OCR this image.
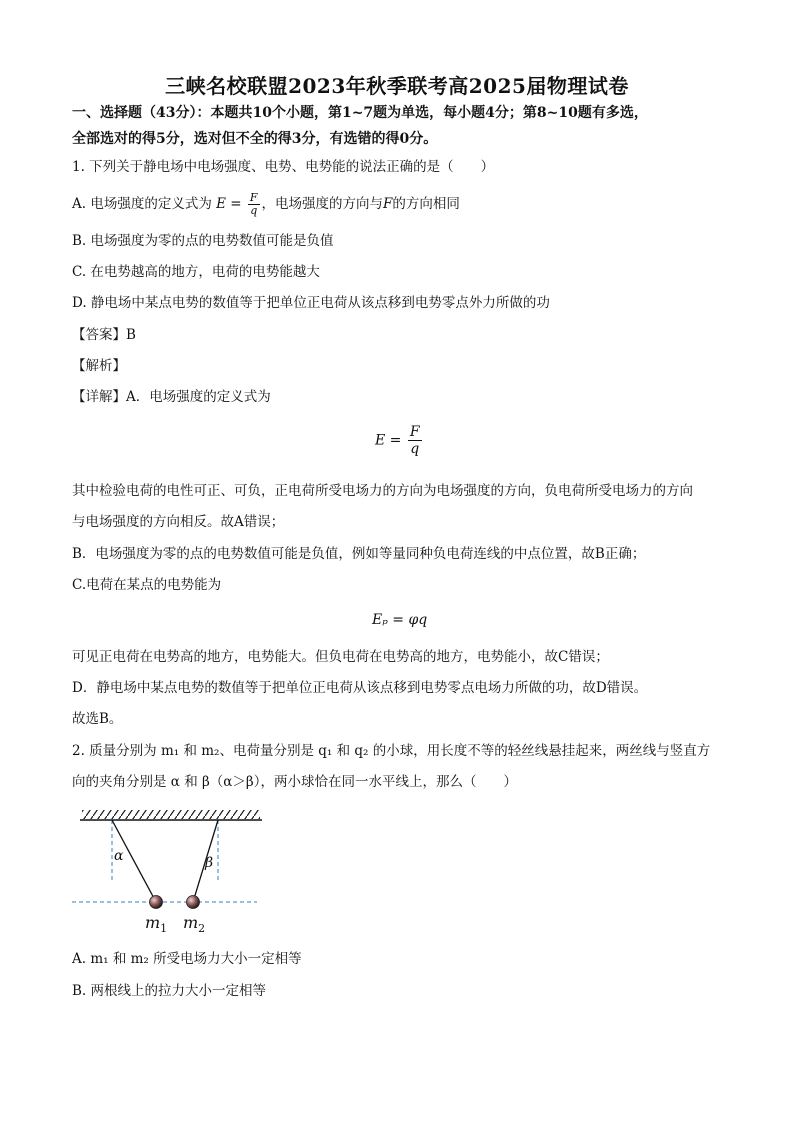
三峡名校联盟2023年秋季联考高2025届物理试卷
一、选择题（43分）：本题共10个小题，第1~7题为单选，每小题4分；第8~10题有多选，
全部选对的得5分，选对但不全的得3分，有选错的得0分。
1. 下列关于静电场中电场强度、电势、电势能的说法正确的是（　　）
A. 电场强度的定义式为 $E = \frac{F}{q}$ ，电场强度的方向与F的方向相同
B. 电场强度为零的点的电势数值可能是负值
C. 在电势越高的地方，电荷的电势能越大
D. 静电场中某点电势的数值等于把单位正电荷从该点移到电势零点外力所做的功
【答案】B
【解析】
【详解】A．电场强度的定义式为
$E = \frac{F}{q}$
其中检验电荷的电性可正、可负，正电荷所受电场力的方向为电场强度的方向，负电荷所受电场力的方向
与电场强度的方向相反。故A错误；
B．电场强度为零的点的电势数值可能是负值，例如等量同种负电荷连线的中点位置，故B正确；
C.电荷在某点的电势能为
Eₚ = φq
可见正电荷在电势高的地方，电势能大。但负电荷在电势高的地方，电势能小，故C错误；
D．静电场中某点电势的数值等于把单位正电荷从该点移到电势零点电场力所做的功，故D错误。
故选B。
2. 质量分别为 m₁ 和 m₂、电荷量分别是 q₁ 和 q₂ 的小球，用长度不等的轻丝线悬挂起来，两丝线与竖直方
向的夹角分别是 α 和 β（α＞β），两小球恰在同一水平线上，那么（　　）
α	β
$m_1$ $m_2$
A. m₁ 和 m₂ 所受电场力大小一定相等
B. 两根线上的拉力大小一定相等
